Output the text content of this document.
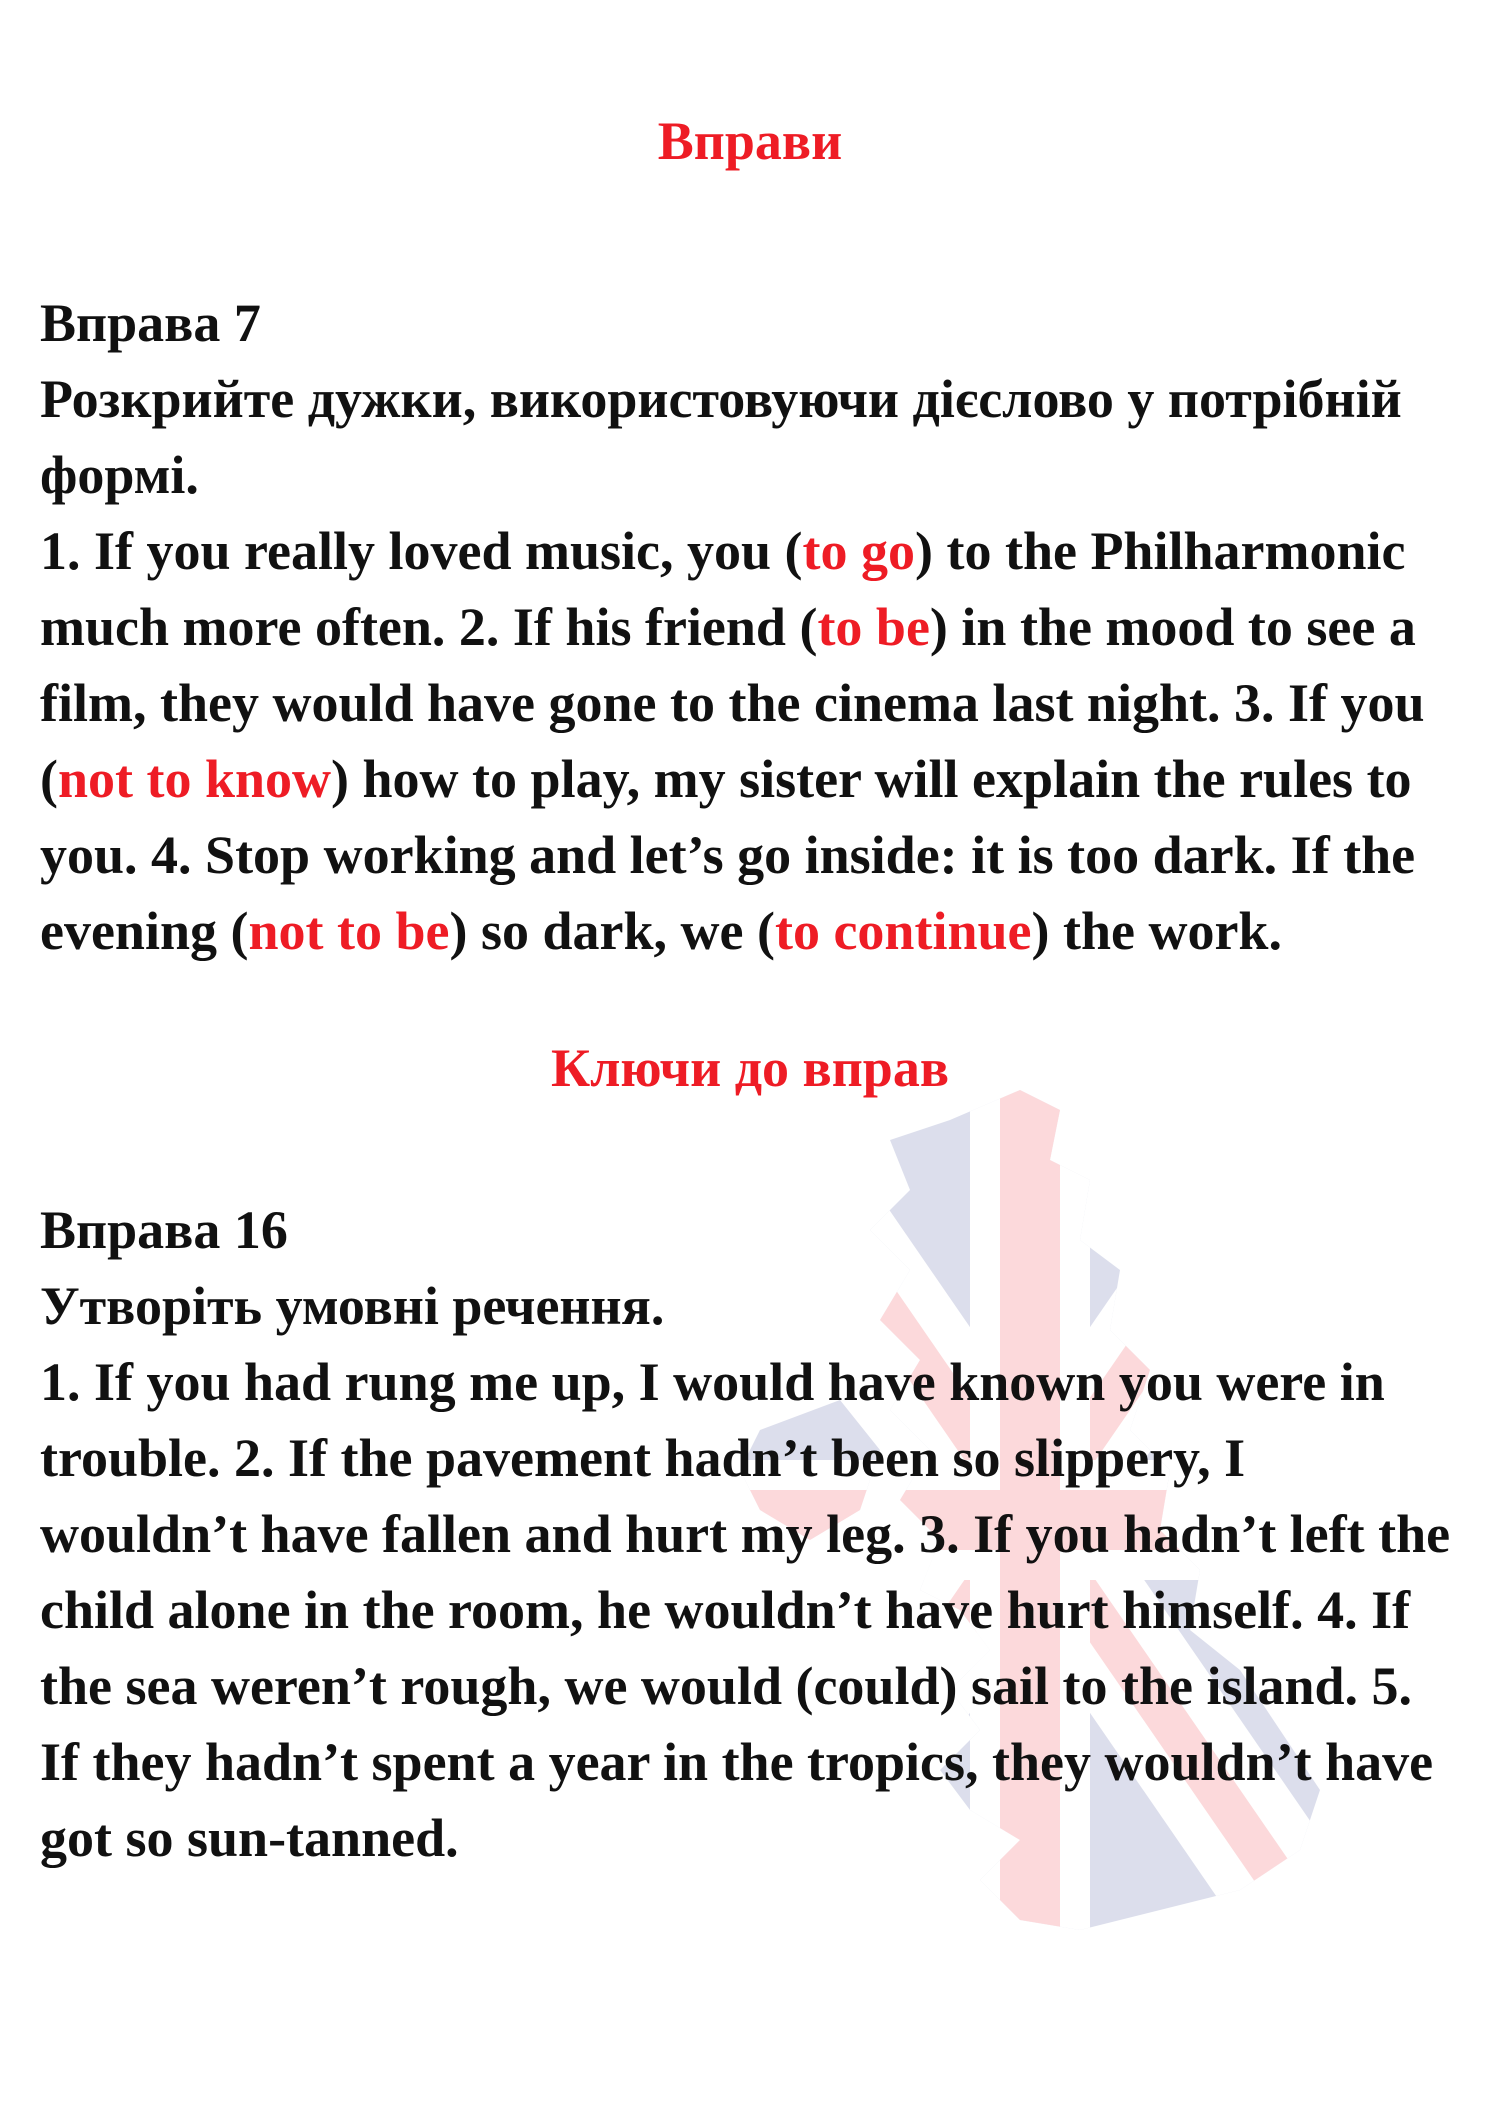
Вправи
Вправа 7
Розкрийте дужки, використовуючи дієслово у потрібній формі.
1. If you really loved music, you (to go) to the Philharmonic much more often. 2. If his friend (to be) in the mood to see a film, they would have gone to the cinema last night. 3. If you (not to know) how to play, my sister will explain the rules to you. 4. Stop working and let’s go inside: it is too dark. If the evening (not to be) so dark, we (to continue) the work.
Ключи до вправ
Вправа 16
Утворіть умовні речення.
1. If you had rung me up, I would have known you were in trouble. 2. If the pavement hadn’t been so slippery, I wouldn’t have fallen and hurt my leg. 3. If you hadn’t left the child alone in the room, he wouldn’t have hurt himself. 4. If the sea weren’t rough, we would (could) sail to the island. 5. If they hadn’t spent a year in the tropics, they wouldn’t have got so sun-tanned.
